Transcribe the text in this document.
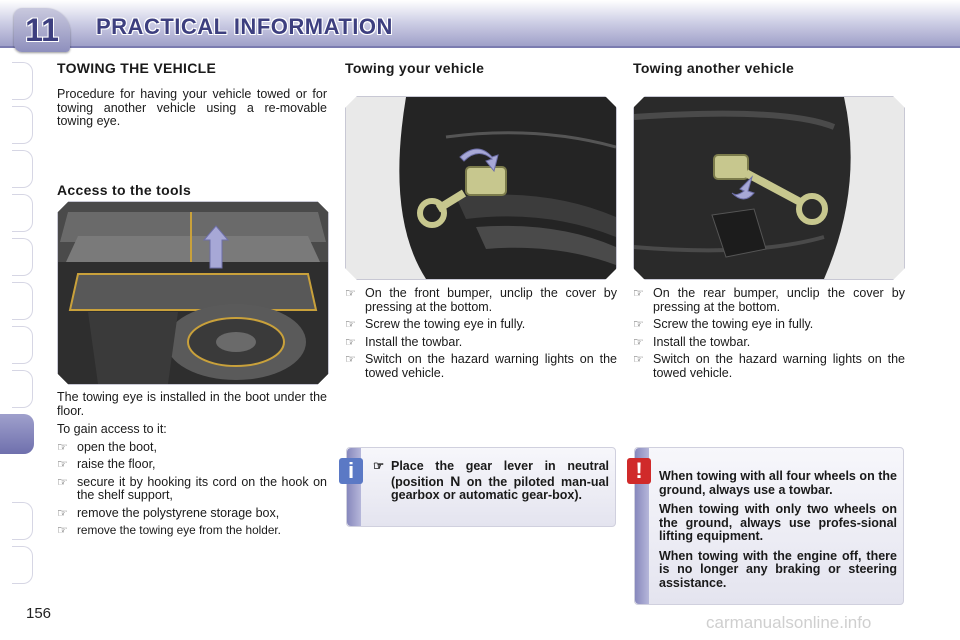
11	PRACTICAL INFORMATION
TOWING THE VEHICLE

Procedure for having your vehicle towed or for towing another vehicle using a re-movable towing eye.

Access to the tools

The towing eye is installed in the boot under the floor.

To gain access to it:

☞ open the boot,
☞ raise the floor,
☞ secure it by hooking its cord on the hook on the shelf support,
☞ remove the polystyrene storage box,
☞ remove the towing eye from the holder.
Towing your vehicle
☞ On the front bumper, unclip the cover by pressing at the bottom.
☞ Screw the towing eye in fully.
☞ Install the towbar.
☞ Switch on the hazard warning lights on the towed vehicle.
i	☞ Place the gear lever in neutral (position N on the piloted man-ual gearbox or automatic gear-box).
Towing another vehicle
☞ On the rear bumper, unclip the cover by pressing at the bottom.
☞ Screw the towing eye in fully.
☞ Install the towbar.
☞ Switch on the hazard warning lights on the towed vehicle.
!	When towing with all four wheels on the ground, always use a towbar.

When towing with only two wheels on the ground, always use profes-sional lifting equipment.

When towing with the engine off, there is no longer any braking or steering assistance.

156	carmanualsonline.info
